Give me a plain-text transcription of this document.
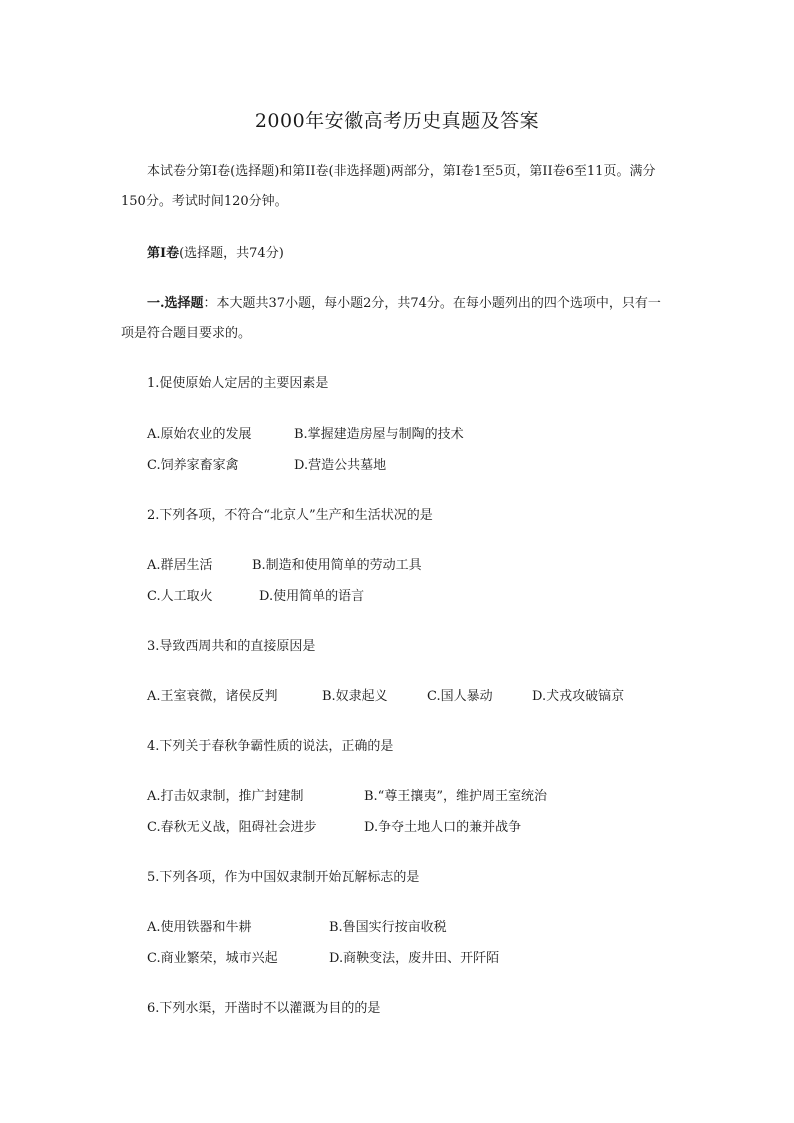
2000年安徽高考历史真题及答案
本试卷分第Ⅰ卷(选择题)和第ⅠⅠ卷(非选择题)两部分，第Ⅰ卷1至5页，第ⅠⅠ卷6至11页。满分150分。考试时间120分钟。
第Ⅰ卷(选择题，共74分)
一.选择题：本大题共37小题，每小题2分，共74分。在每小题列出的四个选项中，只有一项是符合题目要求的。
1.促使原始人定居的主要因素是
A.原始农业的发展	B.掌握建造房屋与制陶的技术
C.饲养家畜家禽	D.营造公共墓地
2.下列各项，不符合“北京人”生产和生活状况的是
A.群居生活	B.制造和使用简单的劳动工具
C.人工取火	D.使用简单的语言
3.导致西周共和的直接原因是
A.王室衰微，诸侯反判	B.奴隶起义	C.国人暴动	D.犬戎攻破镐京
4.下列关于春秋争霸性质的说法，正确的是
A.打击奴隶制，推广封建制	B.“尊王攘夷”，维护周王室统治
C.春秋无义战，阻碍社会进步	D.争夺土地人口的兼并战争
5.下列各项，作为中国奴隶制开始瓦解标志的是
A.使用铁器和牛耕	B.鲁国实行按亩收税
C.商业繁荣，城市兴起	D.商鞅变法，废井田、开阡陌
6.下列水渠，开凿时不以灌溉为目的的是
